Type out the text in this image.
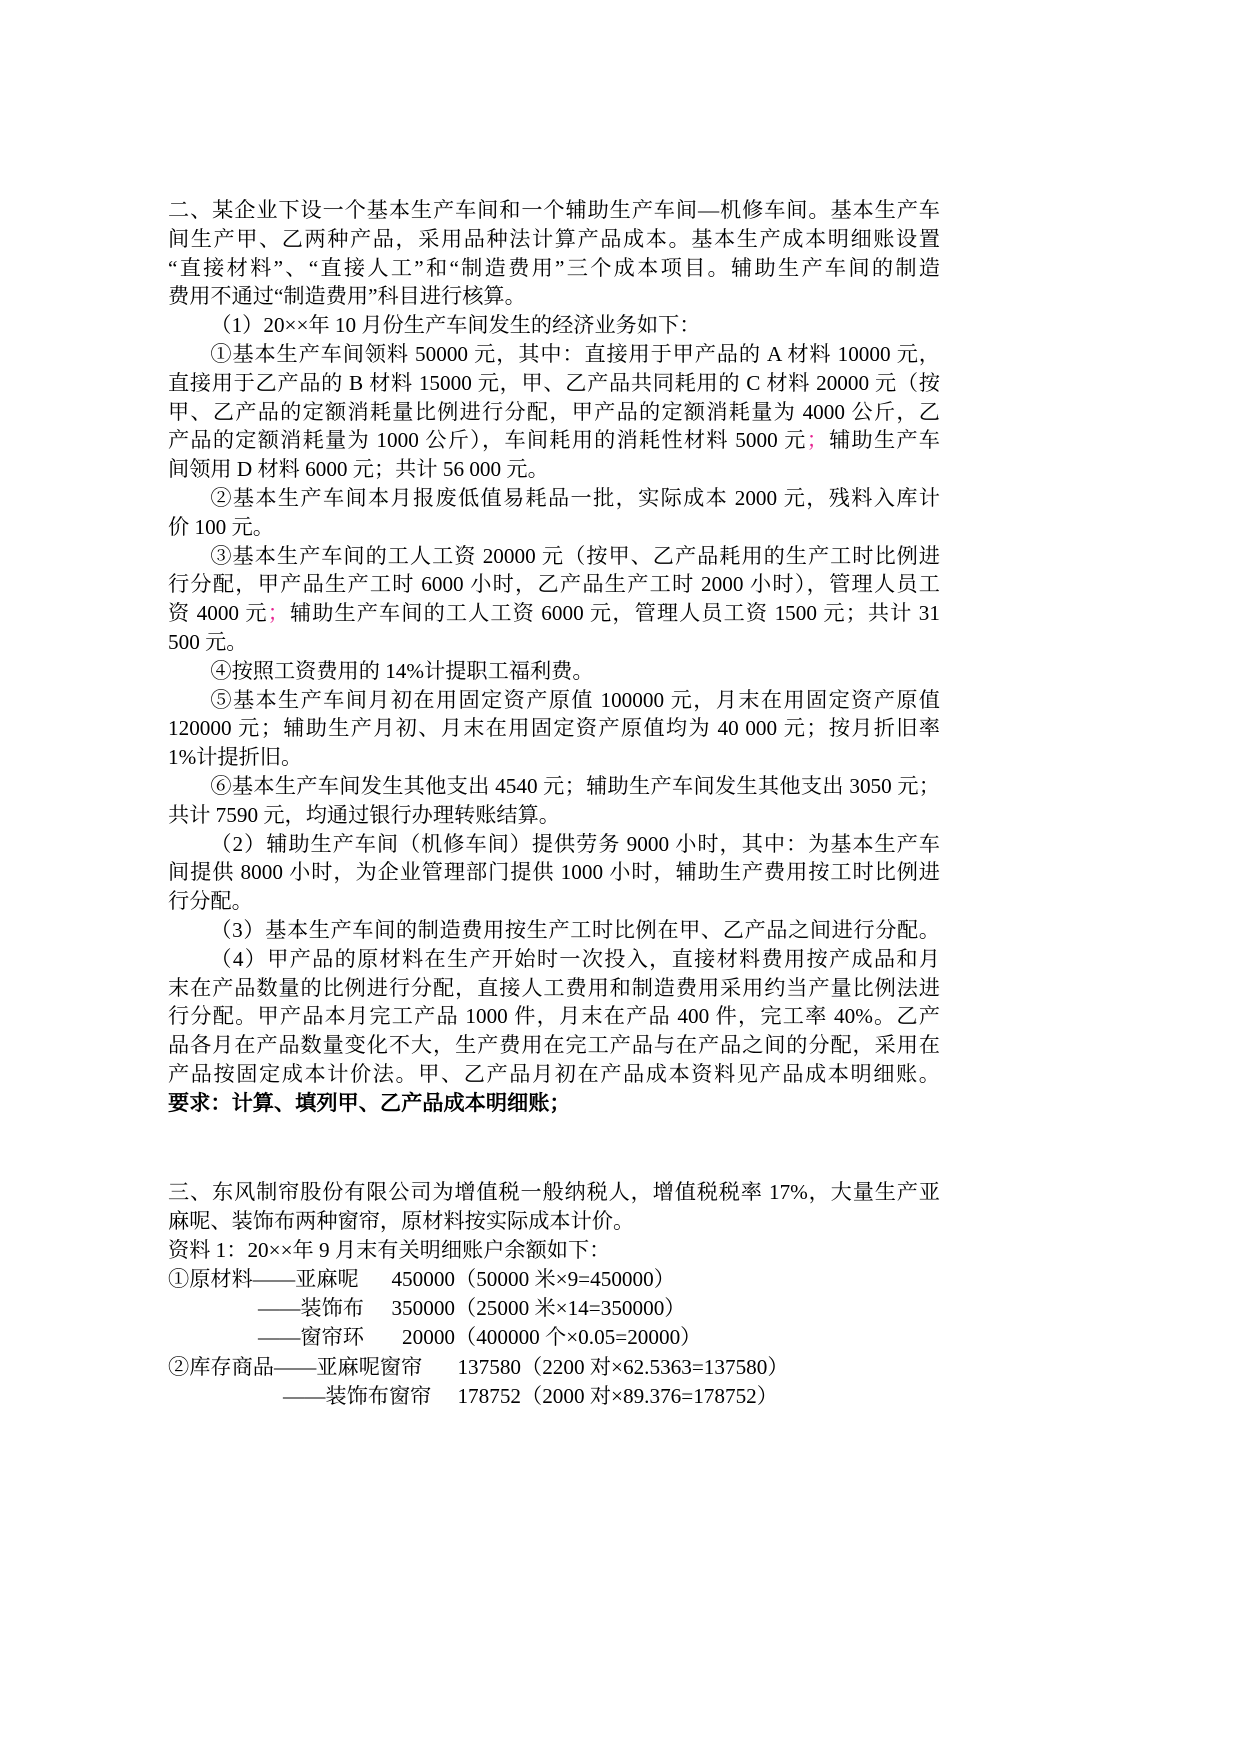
二、某企业下设一个基本生产车间和一个辅助生产车间—机修车间。基本生产车
间生产甲、乙两种产品，采用品种法计算产品成本。基本生产成本明细账设置
“直接材料”、“直接人工”和“制造费用”三个成本项目。辅助生产车间的制造
费用不通过“制造费用”科目进行核算。
（1）20××年 10 月份生产车间发生的经济业务如下：
①基本生产车间领料 50000 元，其中：直接用于甲产品的 A 材料 10000 元，
直接用于乙产品的 B 材料 15000 元，甲、乙产品共同耗用的 C 材料 20000 元（按
甲、乙产品的定额消耗量比例进行分配，甲产品的定额消耗量为 4000 公斤，乙
产品的定额消耗量为 1000 公斤），车间耗用的消耗性材料 5000 元；辅助生产车
间领用 D 材料 6000 元；共计 56 000 元。
②基本生产车间本月报废低值易耗品一批，实际成本 2000 元，残料入库计
价 100 元。
③基本生产车间的工人工资 20000 元（按甲、乙产品耗用的生产工时比例进
行分配，甲产品生产工时 6000 小时，乙产品生产工时 2000 小时），管理人员工
资 4000 元；辅助生产车间的工人工资 6000 元，管理人员工资 1500 元；共计 31
500 元。
④按照工资费用的 14%计提职工福利费。
⑤基本生产车间月初在用固定资产原值 100000 元，月末在用固定资产原值
120000 元；辅助生产月初、月末在用固定资产原值均为 40 000 元；按月折旧率
1%计提折旧。
⑥基本生产车间发生其他支出 4540 元；辅助生产车间发生其他支出 3050 元；
共计 7590 元，均通过银行办理转账结算。
（2）辅助生产车间（机修车间）提供劳务 9000 小时，其中：为基本生产车
间提供 8000 小时，为企业管理部门提供 1000 小时，辅助生产费用按工时比例进
行分配。
（3）基本生产车间的制造费用按生产工时比例在甲、乙产品之间进行分配。
（4）甲产品的原材料在生产开始时一次投入，直接材料费用按产成品和月
末在产品数量的比例进行分配，直接人工费用和制造费用采用约当产量比例法进
行分配。甲产品本月完工产品 1000 件，月末在产品 400 件，完工率 40%。乙产
品各月在产品数量变化不大，生产费用在完工产品与在产品之间的分配，采用在
产品按固定成本计价法。甲、乙产品月初在产品成本资料见产品成本明细账。
要求：计算、填列甲、乙产品成本明细账；
三、东风制帘股份有限公司为增值税一般纳税人，增值税税率 17%，大量生产亚
麻呢、装饰布两种窗帘，原材料按实际成本计价。
资料 1：20××年 9 月末有关明细账户余额如下：
①原材料——亚麻呢	450000 （50000 米×9=450000）
——装饰布	350000 （25000 米×14=350000）
——窗帘环	20000 （400000 个×0.05=20000）
②库存商品——亚麻呢窗帘	137580 （2200 对×62.5363=137580）
——装饰布窗帘	178752 （2000 对×89.376=178752）
